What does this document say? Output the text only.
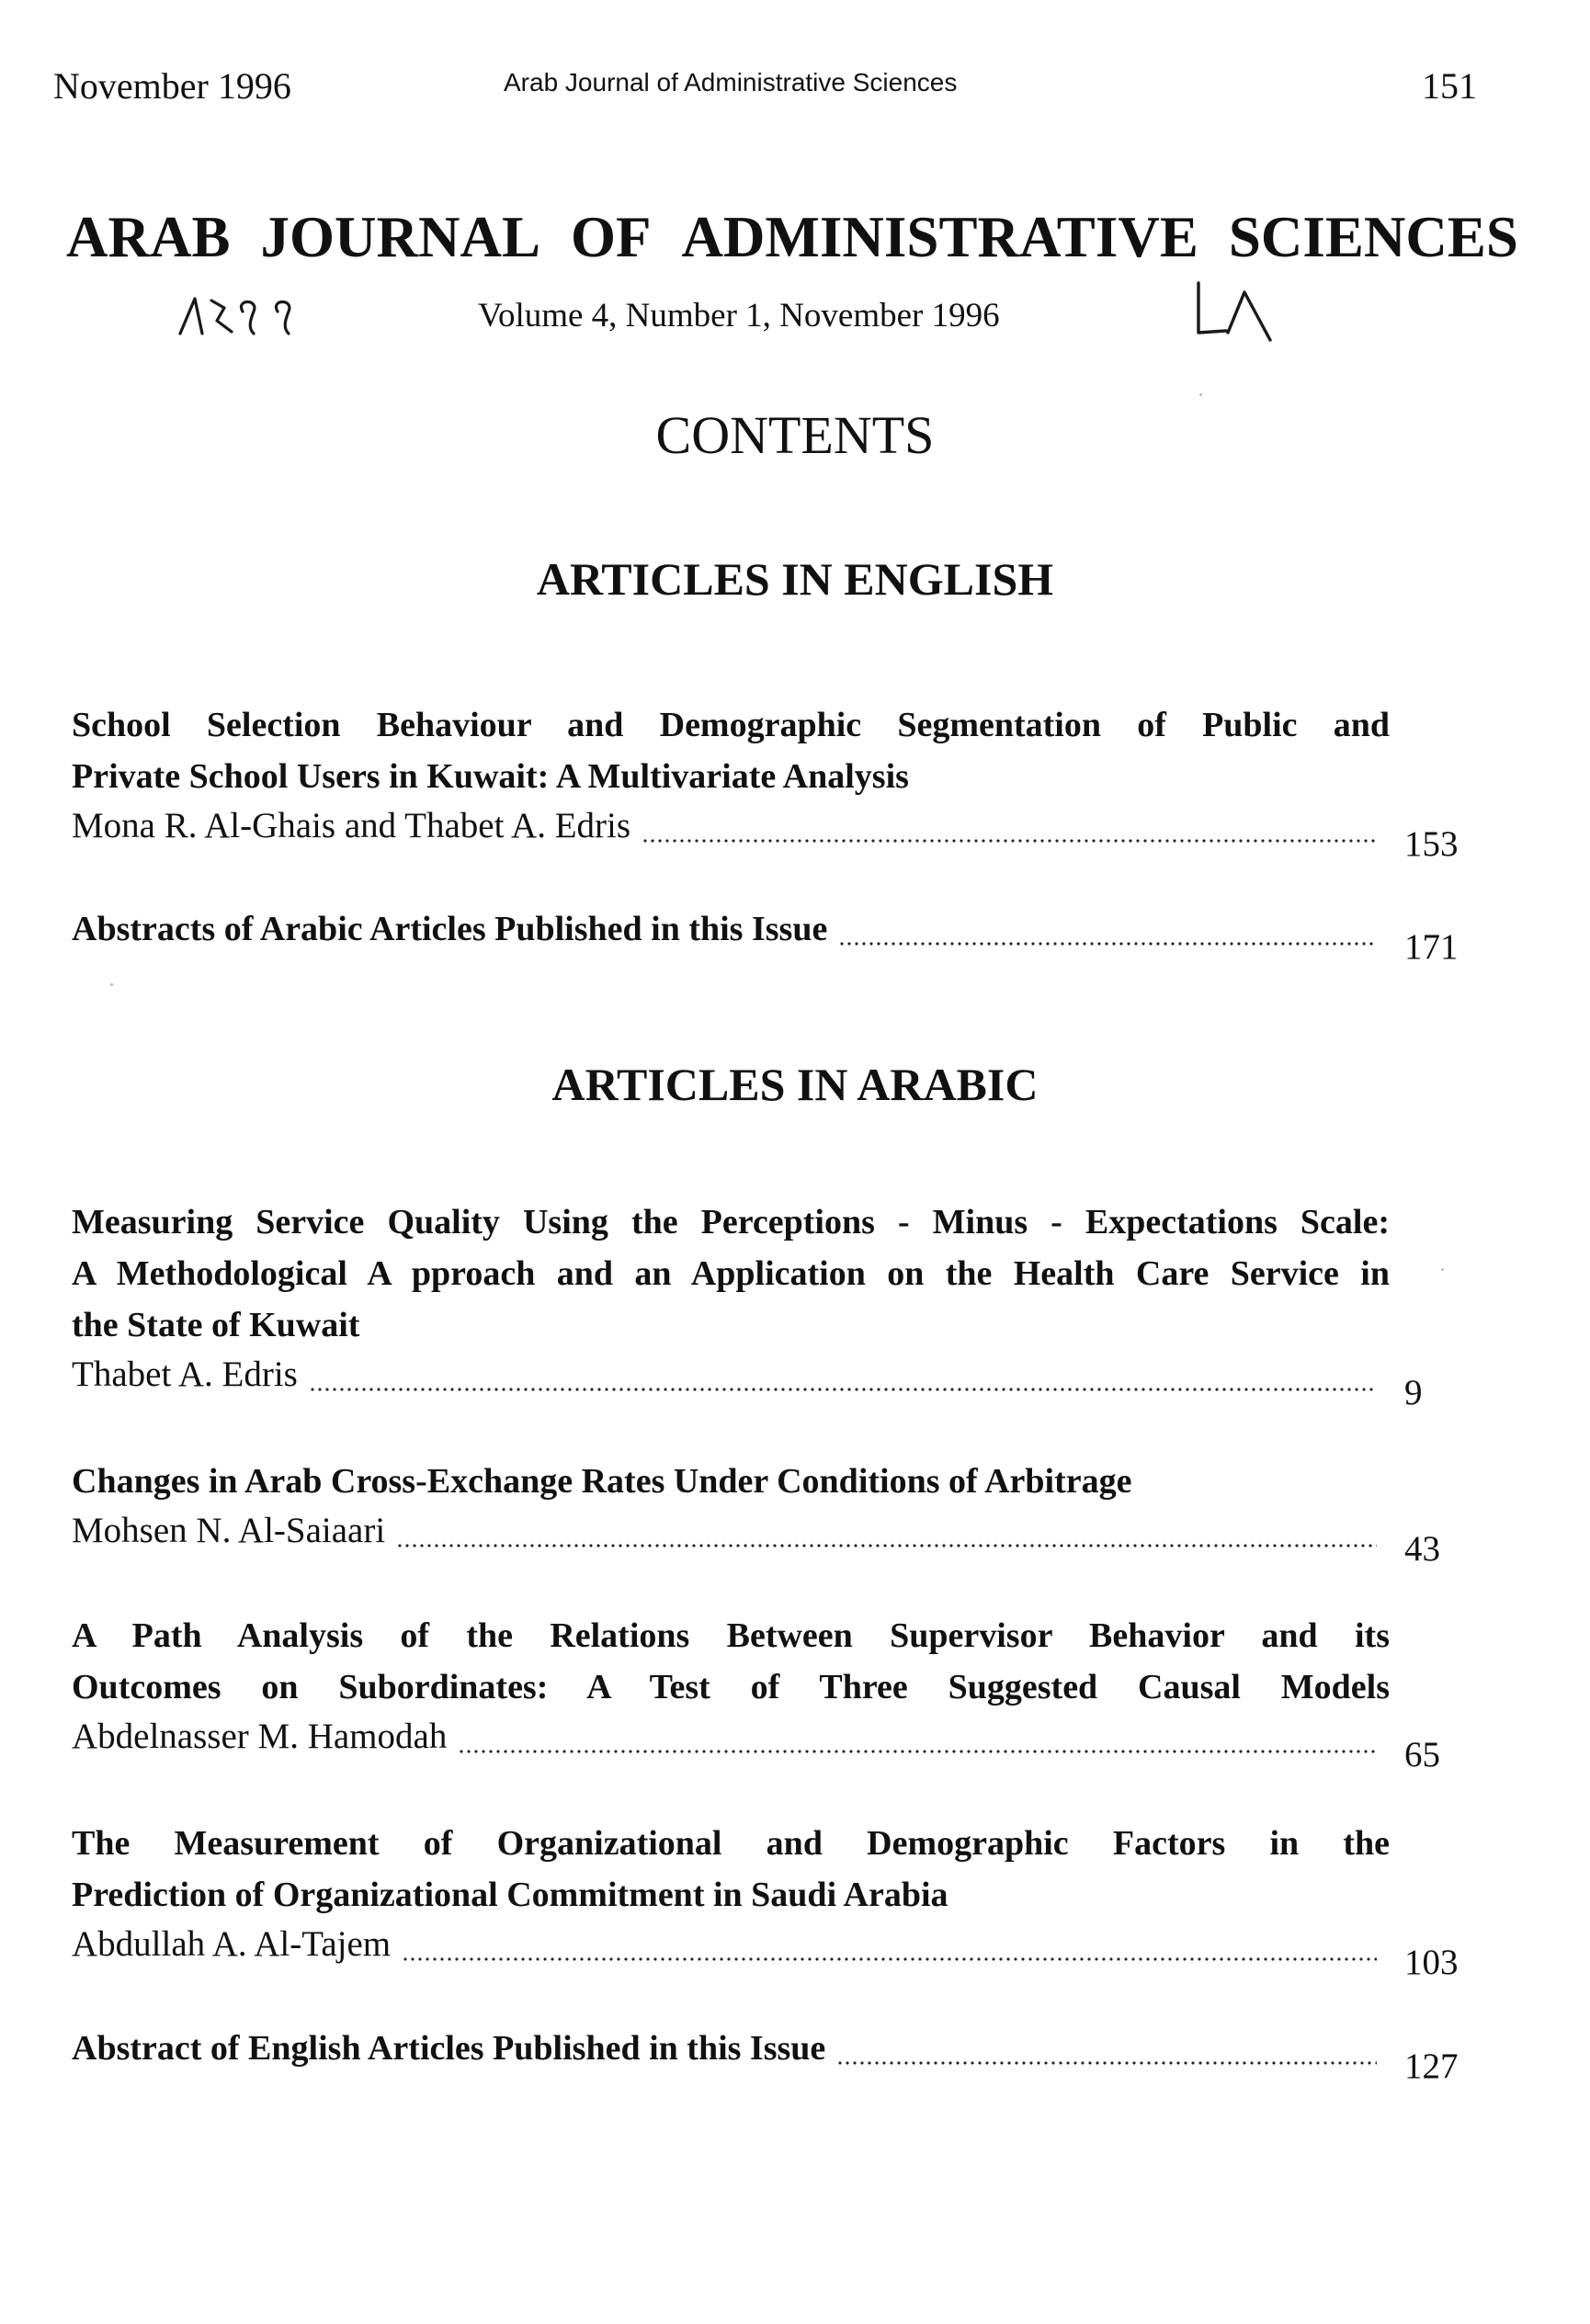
November 1996	Arab Journal of Administrative Sciences	151
ARAB JOURNAL OF ADMINISTRATIVE SCIENCES
Volume 4, Number 1, November 1996
CONTENTS
ARTICLES IN ENGLISH
School Selection Behaviour and Demographic Segmentation of Public and
Private School Users in Kuwait: A Multivariate Analysis
Mona R. Al-Ghais and Thabet A. Edris	153
Abstracts of Arabic Articles Published in this Issue	171
ARTICLES IN ARABIC
Measuring Service Quality Using the Perceptions - Minus - Expectations Scale:
A Methodological A pproach and an Application on the Health Care Service in
the State of Kuwait
Thabet A. Edris	9
Changes in Arab Cross-Exchange Rates Under Conditions of Arbitrage
Mohsen N. Al-Saiaari	43
A Path Analysis of the Relations Between Supervisor Behavior and its
Outcomes on Subordinates: A Test of Three Suggested Causal Models
Abdelnasser M. Hamodah	65
The Measurement of Organizational and Demographic Factors in the
Prediction of Organizational Commitment in Saudi Arabia
Abdullah A. Al-Tajem	103
Abstract of English Articles Published in this Issue	127
